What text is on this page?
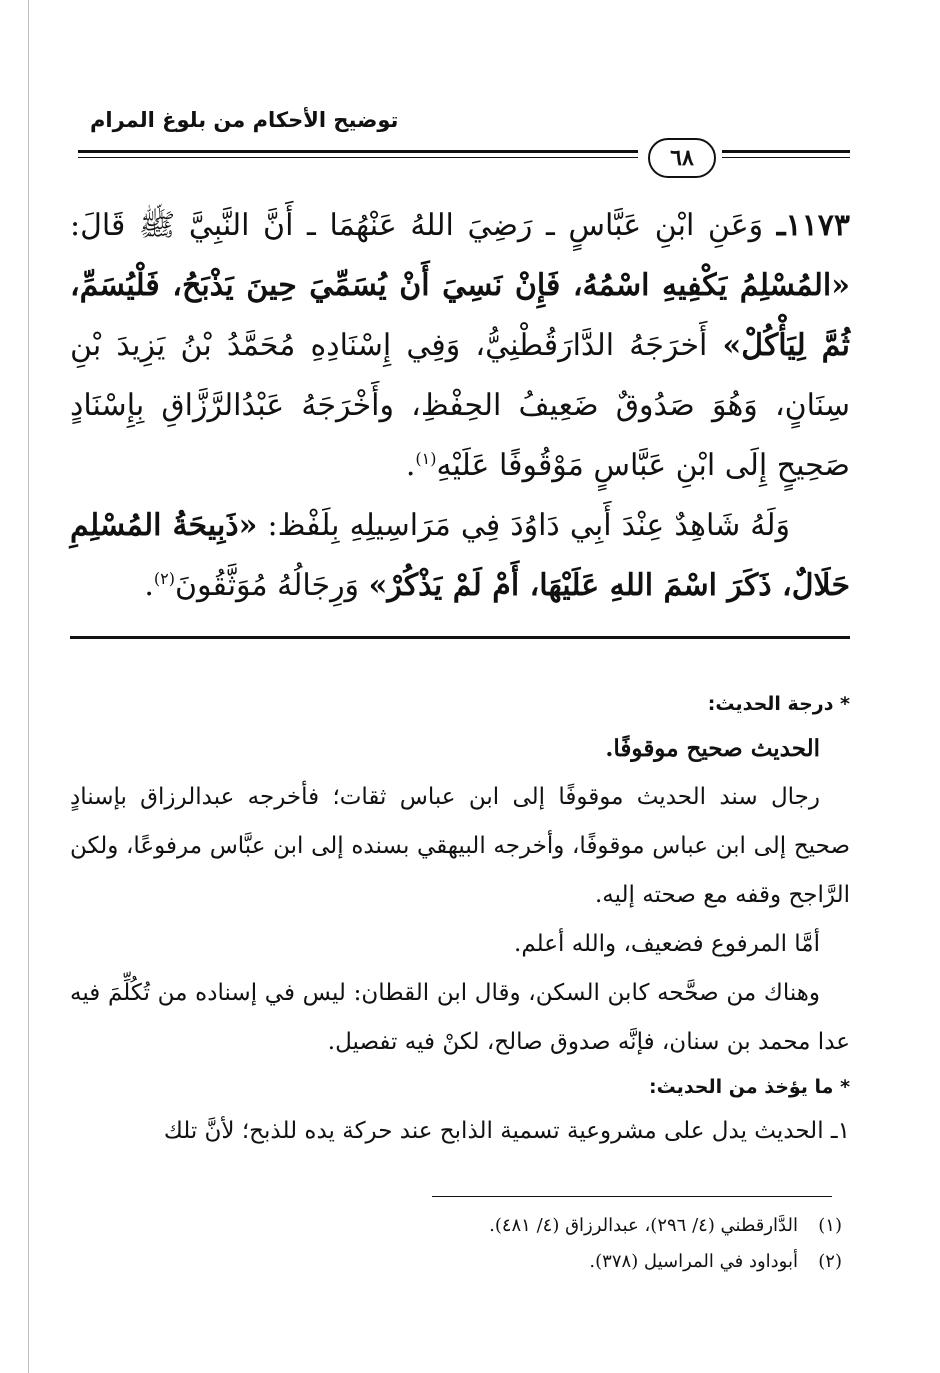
توضيح الأحكام من بلوغ المرام
٦٨

١١٧٣ـ وَعَنِ ابْنِ عَبَّاسٍ ـ رَضِيَ اللهُ عَنْهُمَا ـ أَنَّ النَّبِيَّ ﷺ قَالَ: «المُسْلِمُ يَكْفِيهِ اسْمُهُ، فَإِنْ نَسِيَ أَنْ يُسَمِّيَ حِينَ يَذْبَحُ، فَلْيُسَمِّ، ثُمَّ لِيَأْكُلْ» أَخرَجَهُ الدَّارَقُطْنِيُّ، وَفِي إِسْنَادِهِ مُحَمَّدُ بْنُ يَزِيدَ بْنِ سِنَانٍ، وَهُوَ صَدُوقٌ ضَعِيفُ الحِفْظِ، وأَخْرَجَهُ عَبْدُالرَّزَّاقِ بِإِسْنَادٍ صَحِيحٍ إِلَى ابْنِ عَبَّاسٍ مَوْقُوفًا عَلَيْهِ$^{(١)}$.

وَلَهُ شَاهِدٌ عِنْدَ أَبِي دَاوُدَ فِي مَرَاسِيلِهِ بِلَفْظ: «ذَبِيحَةُ المُسْلِمِ حَلَالٌ، ذَكَرَ اسْمَ اللهِ عَلَيْهَا، أَمْ لَمْ يَذْكُرْ» وَرِجَالُهُ مُوَثَّقُونَ$^{(٢)}$.

* درجة الحديث:

الحديث صحيح موقوفًا.

رجال سند الحديث موقوفًا إلى ابن عباس ثقات؛ فأخرجه عبدالرزاق بإسنادٍ صحيح إلى ابن عباس موقوفًا، وأخرجه البيهقي بسنده إلى ابن عبَّاس مرفوعًا، ولكن الرَّاجح وقفه مع صحته إليه.

أمَّا المرفوع فضعيف، والله أعلم.

وهناك من صحَّحه كابن السكن، وقال ابن القطان: ليس في إسناده من تُكُلِّمَ فيه عدا محمد بن سنان، فإنَّه صدوق صالح، لكنْ فيه تفصيل.

* ما يؤخذ من الحديث:

١ـ الحديث يدل على مشروعية تسمية الذابح عند حركة يده للذبح؛ لأنَّ تلك

(١)الدَّارقطني (٤/ ٢٩٦)، عبدالرزاق (٤/ ٤٨١).

(٢)أبوداود في المراسيل (٣٧٨).
